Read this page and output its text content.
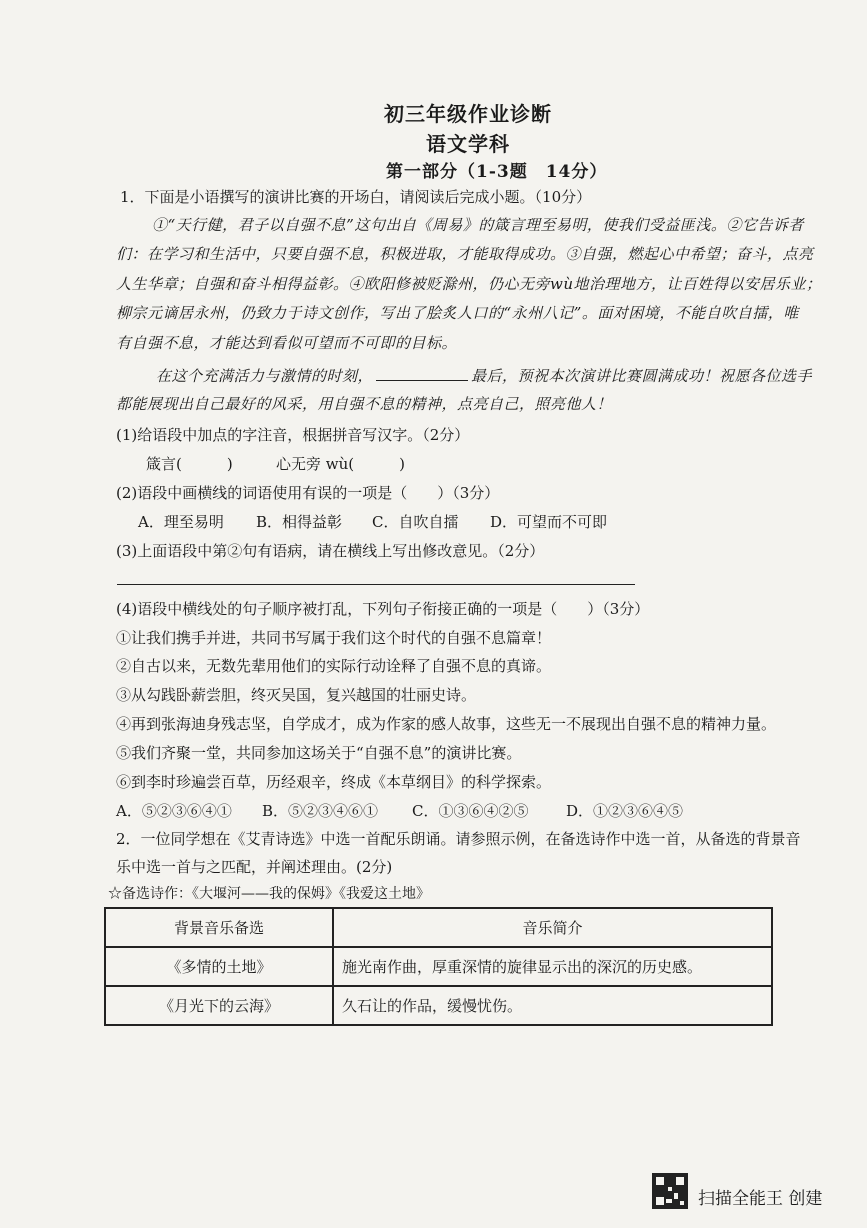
初三年级作业诊断
语文学科
第一部分（1-3题　14分）
1．下面是小语撰写的演讲比赛的开场白，请阅读后完成小题。（10分）
①“天行健，君子以自强不息”这句出自《周易》的箴言理至易明，使我们受益匪浅。②它告诉者
们：在学习和生活中，只要自强不息，积极进取，才能取得成功。③自强，燃起心中希望；奋斗，点亮
人生华章；自强和奋斗相得益彰。④欧阳修被贬滁州，仍心无旁wù地治理地方，让百姓得以安居乐业；
柳宗元谪居永州，仍致力于诗文创作，写出了脍炙人口的“永州八记”。面对困境，不能自吹自擂，唯
有自强不息，才能达到看似可望而不可即的目标。
在这个充满活力与激情的时刻，	最后，预祝本次演讲比赛圆满成功！祝愿各位选手
都能展现出自己最好的风采，用自强不息的精神，点亮自己，照亮他人！
(1)给语段中加点的字注音，根据拼音写汉字。（2分）
箴言(　　　)	心无旁 wù(　　　)
(2)语段中画横线的词语使用有误的一项是（　　）（3分）
A．理至易明 B．相得益彰 C．自吹自擂 D．可望而不可即
(3)上面语段中第②句有语病，请在横线上写出修改意见。（2分）
(4)语段中横线处的句子顺序被打乱，下列句子衔接正确的一项是（　　）（3分）
①让我们携手并进，共同书写属于我们这个时代的自强不息篇章！
②自古以来，无数先辈用他们的实际行动诠释了自强不息的真谛。
③从勾践卧薪尝胆，终灭吴国，复兴越国的壮丽史诗。
④再到张海迪身残志坚，自学成才，成为作家的感人故事，这些无一不展现出自强不息的精神力量。
⑤我们齐聚一堂，共同参加这场关于“自强不息”的演讲比赛。
⑥到李时珍遍尝百草，历经艰辛，终成《本草纲目》的科学探索。
A．⑤②③⑥④① B．⑤②③④⑥① C．①③⑥④②⑤	D．①②③⑥④⑤
2．一位同学想在《艾青诗选》中选一首配乐朗诵。请参照示例，在备选诗作中选一首，从备选的背景音
乐中选一首与之匹配，并阐述理由。(2分)
☆备选诗作：《大堰河——我的保姆》《我爱这土地》
背景音乐备选	音乐简介
《多情的土地》	施光南作曲，厚重深情的旋律显示出的深沉的历史感。
《月光下的云海》	久石让的作品，缓慢忧伤。
扫描全能王 创建
